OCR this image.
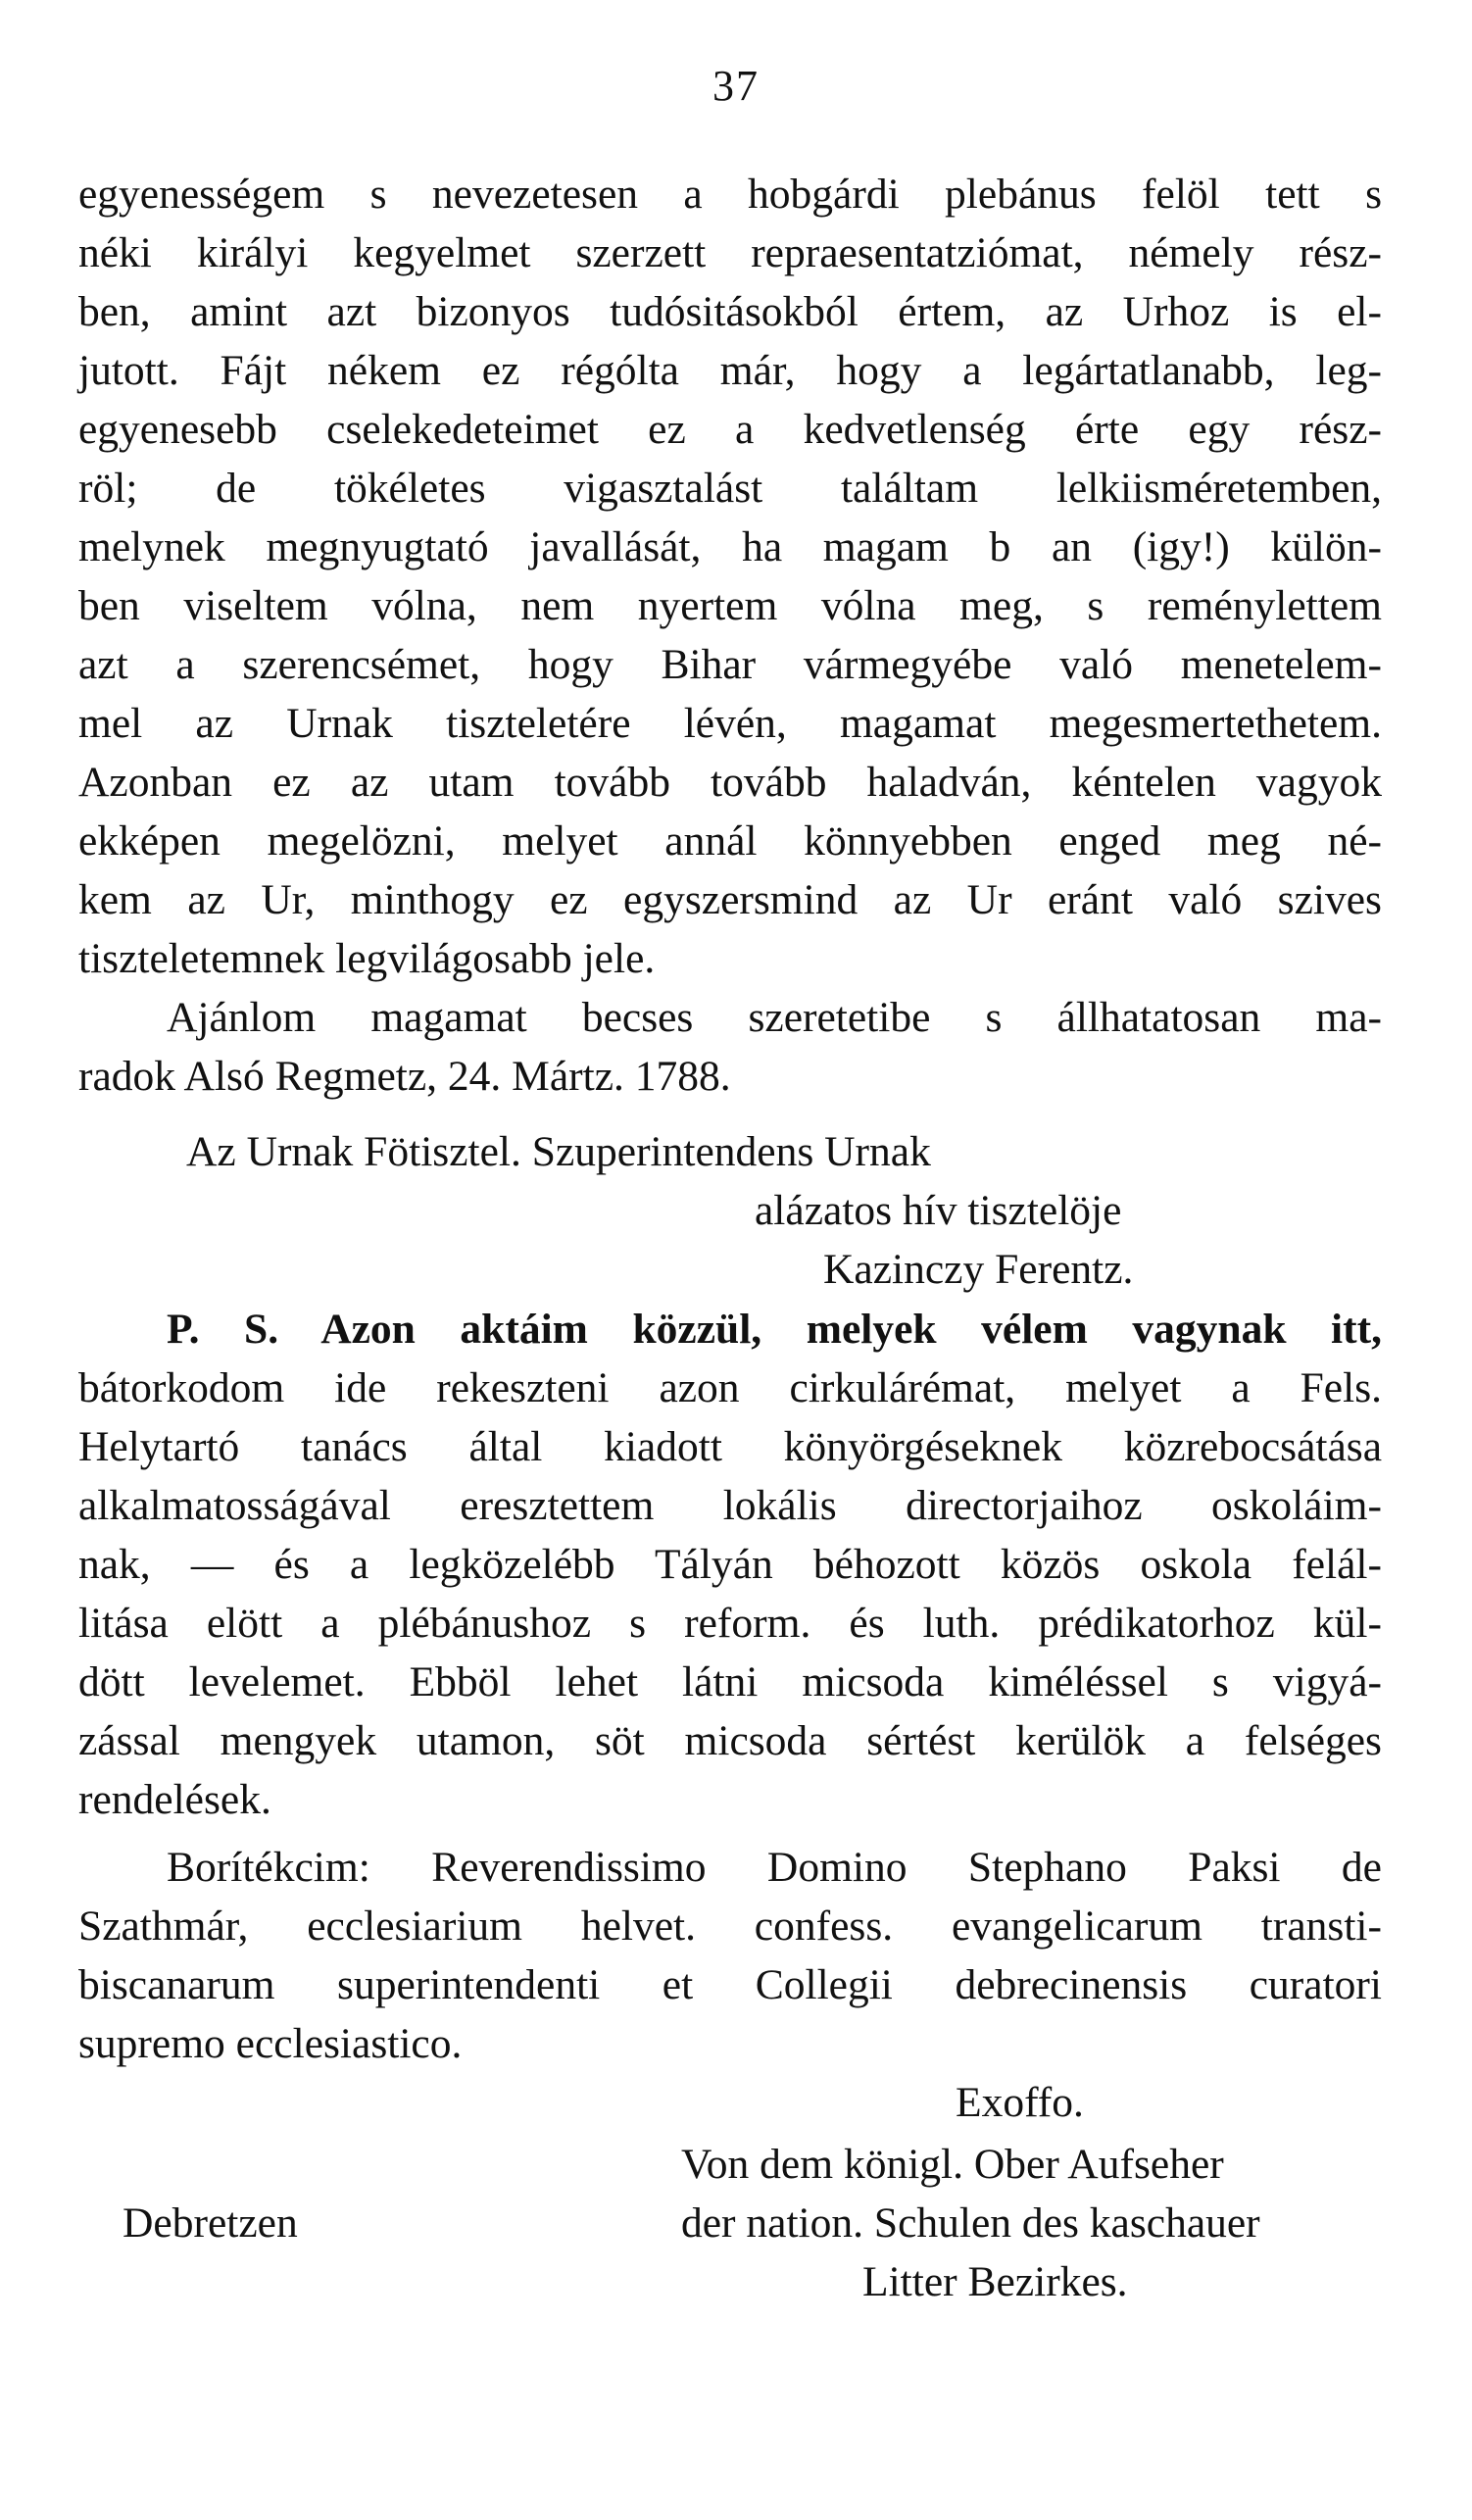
37
egyenességem s nevezetesen a hobgárdi plebánus felöl tett s
néki királyi kegyelmet szerzett repraesentatziómat, némely rész-
ben, amint azt bizonyos tudósitásokból értem, az Urhoz is el-
jutott. Fájt nékem ez régólta már, hogy a legártatlanabb, leg-
egyenesebb cselekedeteimet ez a kedvetlenség érte egy rész-
röl; de tökéletes vigasztalást találtam lelkiisméretemben,
melynek megnyugtató javallását, ha magam b an (igy!) külön-
ben viseltem vólna, nem nyertem vólna meg, s reménylettem
azt a szerencsémet, hogy Bihar vármegyébe való menetelem-
mel az Urnak tiszteletére lévén, magamat megesmertethetem.
Azonban ez az utam tovább tovább haladván, kéntelen vagyok
ekképen megelözni, melyet annál könnyebben enged meg né-
kem az Ur, minthogy ez egyszersmind az Ur eránt való szives
tiszteletemnek legvilágosabb jele.
Ajánlom magamat becses szeretetibe s állhatatosan ma-
radok Alsó Regmetz, 24. Mártz. 1788.
Az Urnak Fötisztel. Szuperintendens Urnak
alázatos hív tisztelöje
Kazinczy Ferentz.
P. S. Azon aktáim közzül, melyek vélem vagynak itt,
bátorkodom ide rekeszteni azon cirkulárémat, melyet a Fels.
Helytartó tanács által kiadott könyörgéseknek közrebocsátása
alkalmatosságával eresztettem lokális directorjaihoz oskoláim-
nak, — és a legközelébb Tályán béhozott közös oskola felál-
litása elött a plébánushoz s reform. és luth. prédikatorhoz kül-
dött levelemet. Ebböl lehet látni micsoda kiméléssel s vigyá-
zással mengyek utamon, söt micsoda sértést kerülök a felséges
rendelések.
Borítékcim: Reverendissimo Domino Stephano Paksi de
Szathmár, ecclesiarium helvet. confess. evangelicarum transti-
biscanarum superintendenti et Collegii debrecinensis curatori
supremo ecclesiastico.
Exoffo.
Von dem königl. Ober Aufseher
der nation. Schulen des kaschauer
Litter Bezirkes.
Debretzen
